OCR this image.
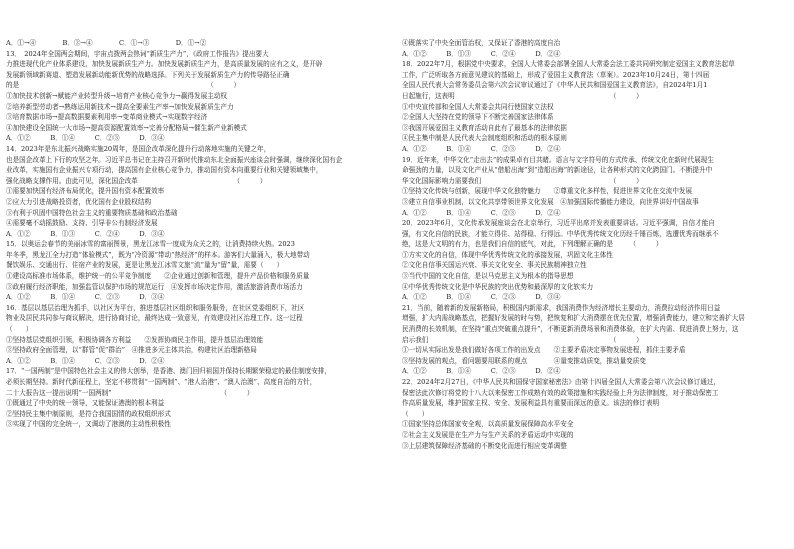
A．①→④　　　　B．③→④　　　　C．①→③　　　　D．①→②
13．　2024年全国两会期间，宇宙点拨两会热词“新质生产力”，《政府工作报告》提出要大
力推进现代化产业体系建设，加快发展新质生产力。加快发展新质生产力，是高质量发展的应有之义，是开辟
发展新领域新赛道、塑造发展新动能新优势的战略选择。下列关于发展新质生产力的传导路径正确
的是　　　　　　　　　　　　　　　　　　　　　　　　　　　　　（　　　）
①加快技术创新→赋能产业转型升级→培育产业核心竞争力→赢得发展主动权
②培养新型劳动者→熟练运用新技术→提高全要素生产率→加快发展新质生产力
③培育数据市场→提高数据要素利用率→变革商业模式→实现数字经济
④加快建设全国统一大市场→提高资源配置效率→完善分配格局→催生新产业新模式
A．①②　　　B．①④　　　C．②③　　　D．③④
14．2023年是东北振兴战略实施20周年，是国企改革深化提升行动落地实施的关键之年，
也是国企改革上下行的攻坚之年。习近平总书记在主持召开新时代推动东北全面振兴座谈会时强调，继续深化国有企
业改革，实施国有企业振兴专项行动，提高国有企业核心竞争力，推动国有资本向重要行业和关键领域集中，
强化战略支撑作用。由此可见，深化国企改革　　　　　　　　　　　　　　　（　　　）
①需要加快国有经济布局优化，提升国有资本配置效率
②应大力引进战略投资者，优化国有企业股权结构
③有利于巩固中国特色社会主义的重要物质基础和政治基础
④需要毫不动摇鼓励、支持、引导非公有制经济发展
A．①②　　　B．①③　　　C．②④　　　D．③④
15．以奥运会春节的美丽冰雪的富丽图景，黑龙江冰雪一度成为众关之的，让消费持续火热。2023
年冬季，黑龙江全力打造“体验模式”，既为“冷资源”带动“热经济”的样本。游客们大量涌入，极大地带动
餐饮娱乐、交通出行、住宿产业的发展，更是让黑龙江冰雪文旅“流”量为“留”量，需要（　　）
①建设高标准市场体系，维护统一的公平竞争制度　　②企业通过创新和管理，提升产品价格和服务质量
③政府履行经济职能，加强监管以保护市场的规范运行　④发挥市场决定作用，激活旅游消费市场活力
A．①②　　　B．①④　　　C．②③　　　D．③④
16．基层以基层治理为抓手，以社区为平台，推进基层社区组织和服务服务，在社区党委组织下，社区
物业及居民共同参与商议解决，进行协商讨论，最终达成一致意见，有效建设社区治理工作。这一过程
（　　）
①坚持基层党组织引领，积极协调各方利益　　②发挥协商民主作用，提升基层治理效能
③坚持政府全面管理，以“群管”促“群治”　④推进多元主体共治，构建社区治理新格局
A．①②　　　B．①④　　　C．②③　　　D．②④
17．“一国两制”是中国特色社会主义的伟大创举，是香港、澳门回归祖国并保持长期繁荣稳定的最佳制度安排，
必须长期坚持。新时代新征程上，坚定不移贯彻“一国两制”、“港人治港”、“澳人治澳”、高度自治的方针，
二十大报告这一提出说明“一国两制”　　　　　　　　　　　　　　　　　（　　　）
①既通过了中央的统一领导，又能保证港澳的根本利益
②坚持民主集中制原则，是符合我国国情的政权组织形式
③实现了中国的完全统一，又调动了港澳的主动性积极性
④既落实了中央全面管治权，又保证了香港的高度自治
A．①②　　　B．①③　　　C．②④　　　D．②④
18．2022年7月，根据党中央要求，全国人大常委会部署全国人大常委会法工委共同研究制定爱国主义教育法起草
工作，广泛听取各方面意见建议的基础上，形成了爱国主义教育法（草案）。2023年10月24日，第十四届
全国人民代表大会常务委员会第六次会议审议通过了《中华人民共和国爱国主义教育法》，自2024年1月1
日起施行，这表明　　　　　　　　　　　　　　　　　　　　　　　　（　　　）
①中央宣传部和全国人大常委会共同行使国家立法权
②全国人大坚持在党的领导下不断完善国家法律体系
③我国开展爱国主义教育活动自此有了最基本的法律依据
④民主集中制是人民代表大会制度组织和活动的根本原则
A．①②　　　B．①④　　　C．②③　　　D．②④
19．近年来，中华文化“走出去”的成果卓有目共睹。语言与文字符号的方式传承、传统文化在新时代展现生
命强劲的力量，以及文化产业从“借船出海”到“造船出海”的新途径，让各种形式的文化跨国门。不断提升中
华文化国际影响力需要我们　　　　　　　　　　　　　　　　　　　　（　　　）
①坚持文化传统与创新，展现中华文化独特魅力　　②尊重文化多样性，促进世界文化在交流中发展
③建立自信事业机制，以文化共享带领世界文化发展　④加强国际传播能力建设，向世界讲好中国故事
A．①②　　　B．①④　　　C．②③　　　D．②④
20．2023年6月，文化传承发展座谈会在北京举行，习近平出席并发表重要讲话。习近平强调，自信才能自
强，有文化自信的民族，才能立得住、站得稳、行得远。中华优秀传统文化历经千锤百炼，选遭优秀而继承不
绝，这是大文明的有力，也是我们自信的底气，对此，下列理解正确的是　　　（　　　）
①方实文化的自信，体现中华优秀传统文化的承接发展，巩固文化主体性
②文化自信事关国运兴衰、事关文化安全、事关民族精神独立性
③当代中国的文化自信，是以马克思主义为根本的指导思想
④中华优秀传统文化是中华民族的突出优势和最深厚的文化软实力
A．①②　　　B．①④　　　C．②③　　　D．③④
21．当前，随着新的发展新格局，积极国内新需求，我国消费作为经济增长主要动力，消费拉动经济作用日益
增强，扩大内需战略基点，把握好发展的时与势，把恢复和扩大消费摆在优先位置，增强消费能力，建立和完善扩大居
民消费的长效机制，在坚持“重点突破重点提升”，不断更新消费场景和消费体验，在扩大内需、促进消费上努力，这
启示我们　　　　　　　　　　　　　　　　　　　　　　　　　　　　（　　　）
①一切从实际出发是我们做好各项工作的出发点　　②主要矛盾决定事物发展进程，抓住主要矛盾
③坚持发展的观点，看问题要用联系的观点　　　　④量变推动质变，推动量变质变
A．①②　　　B．①④　　　C．②③　　　D．②④
22．2024年2月27日，《中华人民共和国保守国家秘密法》由第十四届全国人大常委会第八次会议修订通过，
保密法此次修订将党的十八大以来保密工作成熟有效的政策措施和实践经验上升为法律制度，对于推动保密工
作高质量发展，维护国家主权、安全、发展利益具有重要而深远的意义。该法的修订表明
（　　）
①国家坚持总体国家安全观，以高质量发展保障高水平安全
②社会主义发展是在生产力与生产关系的矛盾运动中实现的
③上层建筑保障经济基础的不断变化而进行相应变革调整
